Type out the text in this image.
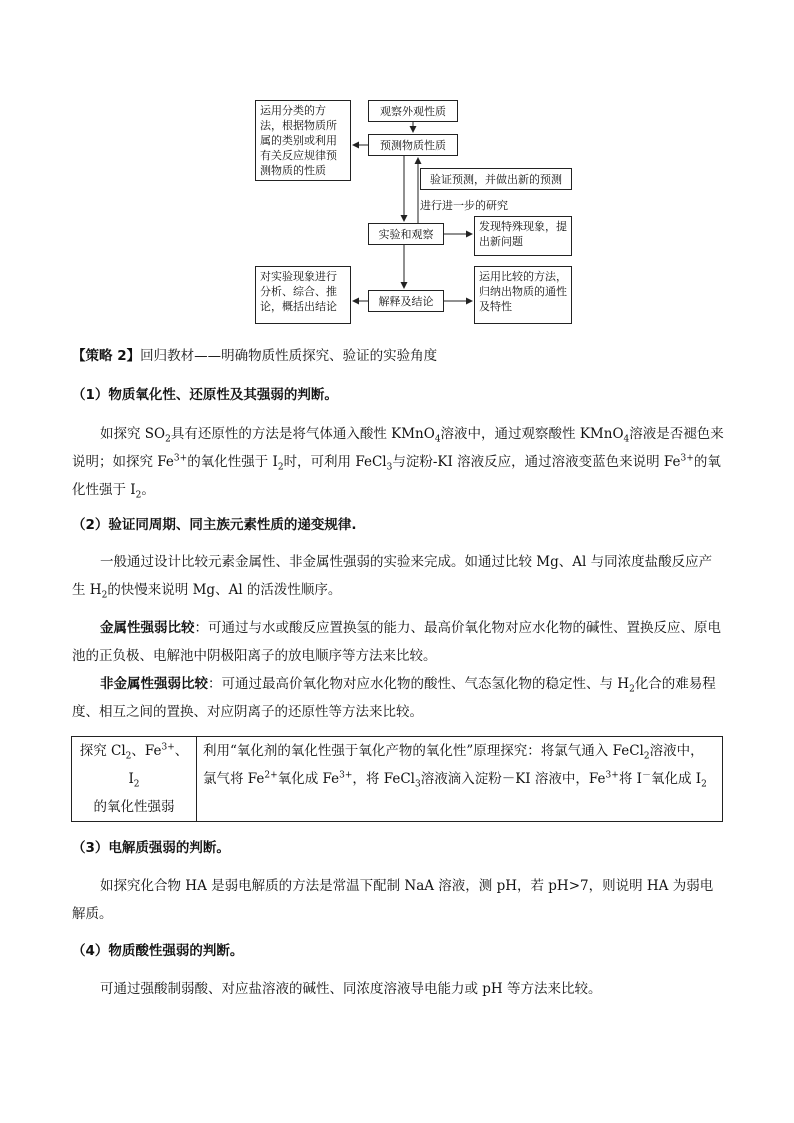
运用分类的方法，根据物质所属的类别或利用有关反应规律预测物质的性质
观察外观性质
预测物质性质
验证预测，并做出新的预测
进行进一步的研究
实验和观察
发现特殊现象，提出新问题
对实验现象进行分析、综合、推论，概括出结论	解释及结论
运用比较的方法，归纳出物质的通性及特性
【策略 2】回归教材——明确物质性质探究、验证的实验角度
（1）物质氧化性、还原性及其强弱的判断。
如探究 $SO_2$具有还原性的方法是将气体通入酸性 KMnO$_4$溶液中，通过观察酸性 KMnO$_4$溶液是否褪色来说明；如探究 $Fe^{3+}$的氧化性强于 $I_2$时，可利用 FeCl$_3$与淀粉-KI 溶液反应，通过溶液变蓝色来说明 $Fe^{3+}$的氧化性强于 $I_2$。
（2）验证同周期、同主族元素性质的递变规律.
一般通过设计比较元素金属性、非金属性强弱的实验来完成。如通过比较 Mg、Al 与同浓度盐酸反应产生 $H_2$的快慢来说明 Mg、Al 的活泼性顺序。
金属性强弱比较：可通过与水或酸反应置换氢的能力、最高价氧化物对应水化物的碱性、置换反应、原电池的正负极、电解池中阴极阳离子的放电顺序等方法来比较。
非金属性强弱比较：可通过最高价氧化物对应水化物的酸性、气态氢化物的稳定性、与 $H_2$化合的难易程度、相互之间的置换、对应阴离子的还原性等方法来比较。
探究 $Cl_2$、$Fe^{3+}$、$I_2$
的氧化性强弱	利用“氧化剂的氧化性强于氧化产物的氧化性”原理探究：将氯气通入 FeCl$_2$溶液中，氯气将 $Fe^{2+}$氧化成 $Fe^{3+}$，将 FeCl$_3$溶液滴入淀粉－KI 溶液中，$Fe^{3+}$将 I－氧化成 $I_2$
（3）电解质强弱的判断。
如探究化合物 HA 是弱电解质的方法是常温下配制 NaA 溶液，测 pH，若 pH>7，则说明 HA 为弱电解质。
（4）物质酸性强弱的判断。
可通过强酸制弱酸、对应盐溶液的碱性、同浓度溶液导电能力或 pH 等方法来比较。
